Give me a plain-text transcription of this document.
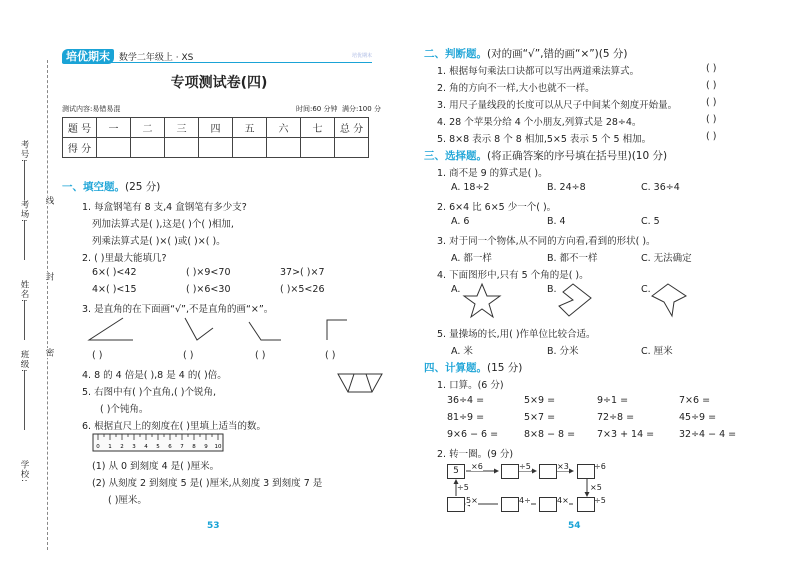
考号:
考场:
姓名:
班级:
学校:
线
封
密
培优期末 数学二年级上 · XS	培优期末
专项测试卷(四)
测试内容:易错易混	时间:60 分钟 满分:100 分
题 号	一	二	三	四	五	六	七	总 分
得 分								
一、填空题。(25 分)
1. 每盒钢笔有 8 支,4 盒钢笔有多少支?
列加法算式是( ),这是( )个( )相加,
列乘法算式是( )×( )或( )×( )。
2. ( )里最大能填几?
6×( )<42	( )×9<70	37>( )×7
4×( )<15	( )×6<30	( )×5<26
3. 是直角的在下面画“√”,不是直角的画“×”。
( )	( )	( )	( )
4. 8 的 4 倍是( ),8 是 4 的( )倍。
5. 右图中有( )个直角,( )个锐角,
( )个钝角。
6. 根据直尺上的刻度在( )里填上适当的数。
0 1 2 3 4 5 6 7 8 9 10
(1) 从 0 到刻度 4 是( )厘米。
(2) 从刻度 2 到刻度 5 是( )厘米,从刻度 3 到刻度 7 是
( )厘米。
53
二、判断题。(对的画“√”,错的画“×”)(5 分)
1. 根据每句乘法口诀都可以写出两道乘法算式。
2. 角的方向不一样,大小也就不一样。
3. 用尺子量线段的长度可以从尺子中间某个刻度开始量。
4. 28 个苹果分给 4 个小朋友,列算式是 28÷4。
5. 8×8 表示 8 个 8 相加,5×5 表示 5 个 5 相加。
( )
( )
( )
( )
( )
三、选择题。(将正确答案的序号填在括号里)(10 分)
1. 商不是 9 的算式是( )。
A. 18÷2	B. 24÷8	C. 36÷4
2. 6×4 比 6×5 少一个( )。
A. 6	B. 4	C. 5
3. 对于同一个物体,从不同的方向看,看到的形状( )。
A. 都一样	B. 都不一样	C. 无法确定
4. 下面图形中,只有 5 个角的是( )。
A.	B.	C.
5. 量操场的长,用( )作单位比较合适。
A. 米	B. 分米	C. 厘米
四、计算题。(15 分)
1. 口算。(6 分)
36÷4 =	5×9 =	9÷1 =	7×6 =
81÷9 =	5×7 =	72÷8 =	45÷9 =
9×6 − 6 =	8×8 − 8 = 7×3 + 14 =	32÷4 − 4 =
2. 转一圈。(9 分)
5	×6	÷5	×3	÷6
÷5	×5
5×	4÷	4×	÷5
54
